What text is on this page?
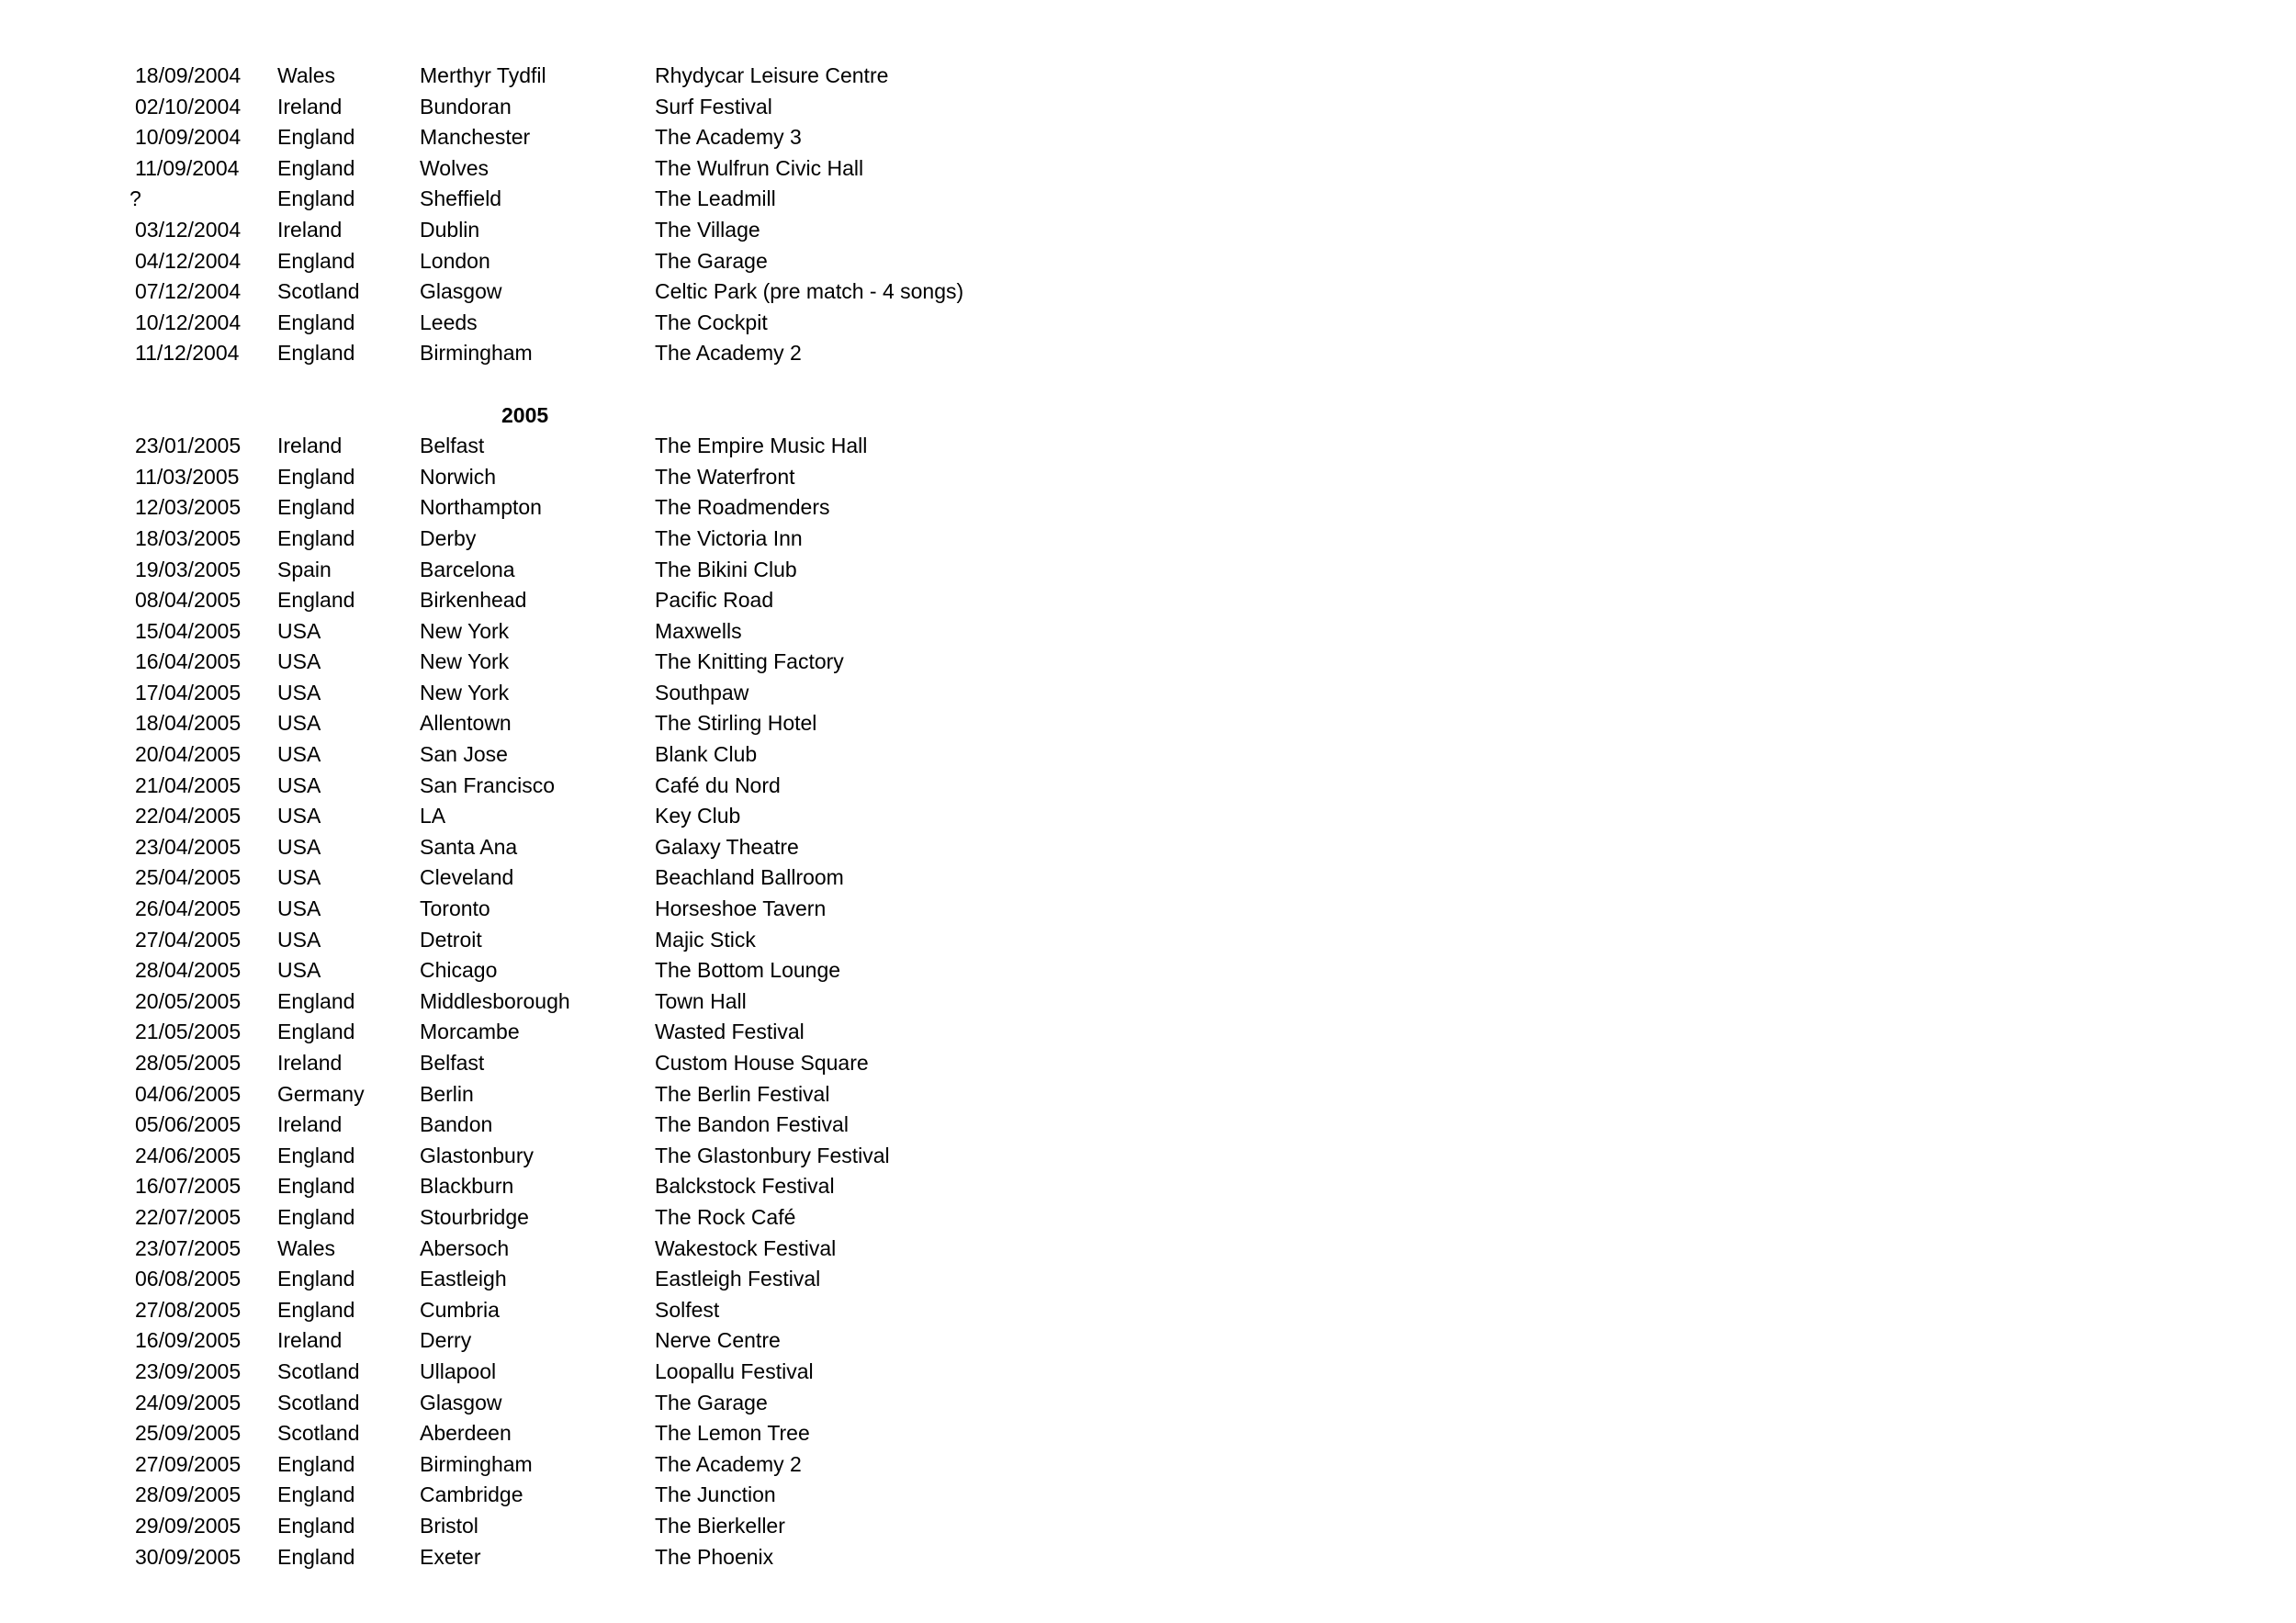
18/09/2004 Wales	Merthyr Tydfil	Rhydycar Leisure Centre
02/10/2004 Ireland	Bundoran	Surf Festival
10/09/2004 England	Manchester	The Academy 3
11/09/2004 England	Wolves	The Wulfrun Civic Hall
?	England	Sheffield	The Leadmill
03/12/2004 Ireland	Dublin	The Village
04/12/2004 England	London	The Garage
07/12/2004 Scotland	Glasgow	Celtic Park (pre match - 4 songs)
10/12/2004 England	Leeds	The Cockpit
11/12/2004 England	Birmingham	The Academy 2
2005
23/01/2005 Ireland	Belfast	The Empire Music Hall
11/03/2005 England	Norwich	The Waterfront
12/03/2005 England	Northampton	The Roadmenders
18/03/2005 England	Derby	The Victoria Inn
19/03/2005 Spain	Barcelona	The Bikini Club
08/04/2005 England	Birkenhead	Pacific Road
15/04/2005 USA	New York	Maxwells
16/04/2005 USA	New York	The Knitting Factory
17/04/2005 USA	New York	Southpaw
18/04/2005 USA	Allentown	The Stirling Hotel
20/04/2005 USA	San Jose	Blank Club
21/04/2005 USA	San Francisco	Café du Nord
22/04/2005 USA	LA	Key Club
23/04/2005 USA	Santa Ana	Galaxy Theatre
25/04/2005 USA	Cleveland	Beachland Ballroom
26/04/2005 USA	Toronto	Horseshoe Tavern
27/04/2005 USA	Detroit	Majic Stick
28/04/2005 USA	Chicago	The Bottom Lounge
20/05/2005 England	Middlesborough	Town Hall
21/05/2005 England	Morcambe	Wasted Festival
28/05/2005 Ireland	Belfast	Custom House Square
04/06/2005 Germany	Berlin	The Berlin Festival
05/06/2005 Ireland	Bandon	The Bandon Festival
24/06/2005 England	Glastonbury	The Glastonbury Festival
16/07/2005 England	Blackburn	Balckstock Festival
22/07/2005 England	Stourbridge	The Rock Café
23/07/2005 Wales	Abersoch	Wakestock Festival
06/08/2005 England	Eastleigh	Eastleigh Festival
27/08/2005 England	Cumbria	Solfest
16/09/2005 Ireland	Derry	Nerve Centre
23/09/2005 Scotland	Ullapool	Loopallu Festival
24/09/2005 Scotland	Glasgow	The Garage
25/09/2005 Scotland	Aberdeen	The Lemon Tree
27/09/2005 England	Birmingham	The Academy 2
28/09/2005 England	Cambridge	The Junction
29/09/2005 England	Bristol	The Bierkeller
30/09/2005 England	Exeter	The Phoenix
